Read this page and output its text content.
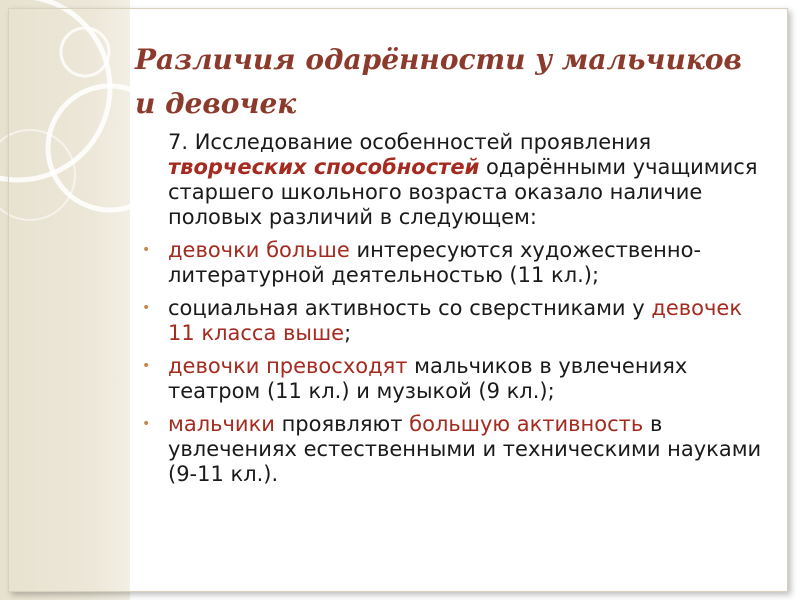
Различия одарённости у мальчиков и девочек

7. Исследование особенностей проявления творческих способностей одарёнными учащимися старшего школьного возраста оказало наличие половых различий в следующем:

• девочки больше интересуются художественно-литературной деятельностью (11 кл.);
• социальная активность со сверстниками у девочек 11 класса выше;
• девочки превосходят мальчиков в увлечениях театром (11 кл.) и музыкой (9 кл.);
• мальчики проявляют большую активность в увлечениях естественными и техническими науками (9-11 кл.).
